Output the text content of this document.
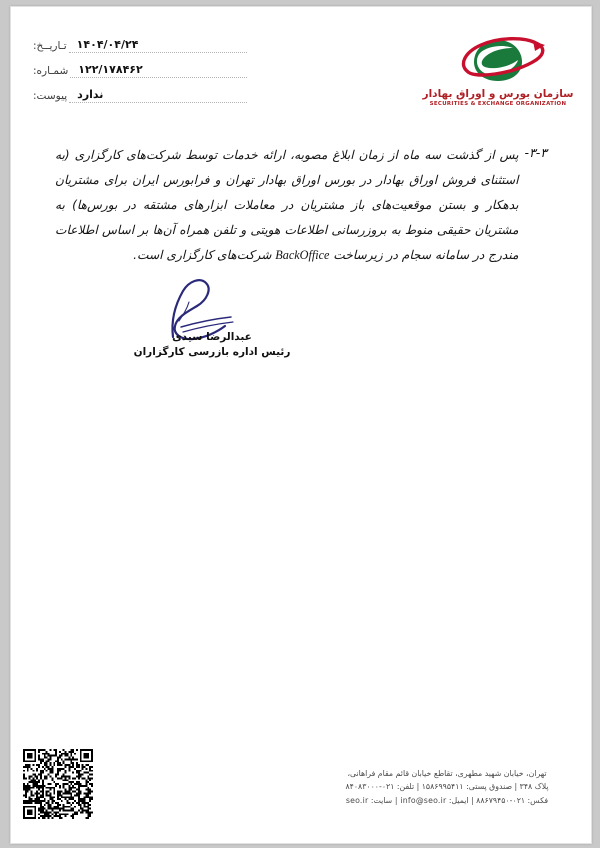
تـاریــخ: ۱۴۰۴/۰۴/۲۴
شمـاره: ۱۲۲/۱۷۸۴۶۲
پیوست: ندارد	سازمان بورس و اوراق بهادار
SECURITIES & EXCHANGE ORGANIZATION
۳-۳-
پس از گذشت سه ماه از زمان ابلاغ مصوبه، ارائه خدمات توسط شرکت‌های کارگزاری (به استثنای فروش اوراق بهادار در بورس اوراق بهادار تهران و فرابورس ایران برای مشتریان بدهکار و بستن موقعیت‌های باز مشتریان در معاملات ابزارهای مشتقه در بورس‌ها) به مشتریان حقیقی منوط به بروزرسانی اطلاعات هویتی و تلفن همراه آن‌ها بر اساس اطلاعات مندرج در سامانه سجام در زیرساخت BackOffice شرکت‌های کارگزاری است.
عبدالرضا سیدی
رئیس اداره بازرسی کارگزاران
تهران، خیابان شهید مطهری، تقاطع خیابان قائم مقام فراهانی،
پلاک ۳۴۸ | صندوق پستی: ۱۵۸۶۹۹۵۴۱۱ | تلفن: ۰۲۱-۸۴۰۸۳۰۰۰
فکس: ۰۲۱-۸۸۶۷۹۴۵۰ | ایمیل: info@seo.ir | سایت: seo.ir
